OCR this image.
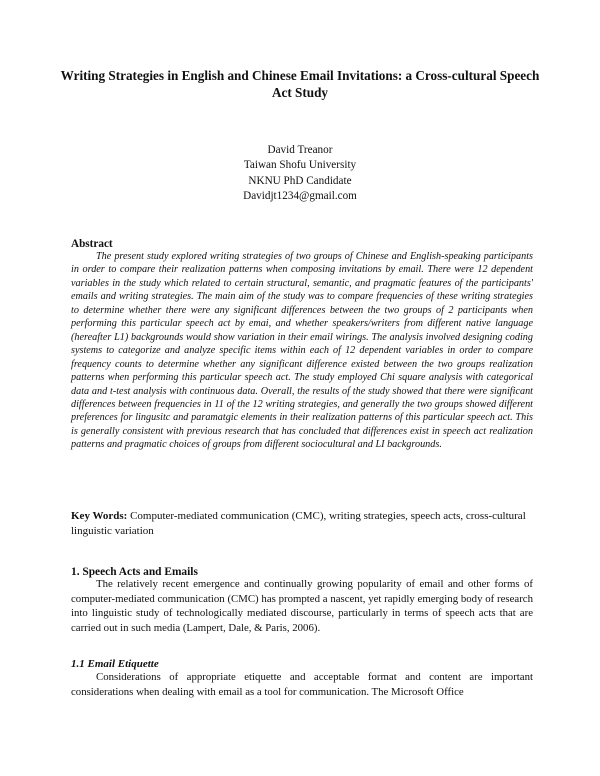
Writing Strategies in English and Chinese Email Invitations: a Cross-cultural Speech Act Study
David Treanor
Taiwan Shofu University
NKNU PhD Candidate
Davidjt1234@gmail.com
Abstract
The present study explored writing strategies of two groups of Chinese and English-speaking participants in order to compare their realization patterns when composing invitations by email. There were 12 dependent variables in the study which related to certain structural, semantic, and pragmatic features of the participants' emails and writing strategies. The main aim of the study was to compare frequencies of these writing strategies to determine whether there were any significant differences between the two groups of 2 participants when performing this particular speech act by emai, and whether speakers/writers from different native language (hereafter L1) backgrounds would show variation in their email wirings. The analysis involved designing coding systems to categorize and analyze specific items within each of 12 dependent variables in order to compare frequency counts to determine whether any significant difference existed between the two groups realization patterns when performing this particular speech act. The study employed Chi square analysis with categorical data and t-test analysis with continuous data. Overall, the results of the study showed that there were significant differences between frequencies in 11 of the 12 writing strategies, and generally the two groups showed different preferences for lingusitc and paramatgic elements in their realization patterns of this particular speech act. This is generally consistent with previous research that has concluded that differences exist in speech act realization patterns and pragmatic choices of groups from different sociocultural and LI backgrounds.
Key Words: Computer-mediated communication (CMC), writing strategies, speech acts, cross-cultural linguistic variation
1. Speech Acts and Emails
The relatively recent emergence and continually growing popularity of email and other forms of computer-mediated communication (CMC) has prompted a nascent, yet rapidly emerging body of research into linguistic study of technologically mediated discourse, particularly in terms of speech acts that are carried out in such media (Lampert, Dale, & Paris, 2006).
1.1 Email Etiquette
Considerations of appropriate etiquette and acceptable format and content are important considerations when dealing with email as a tool for communication. The Microsoft Office
